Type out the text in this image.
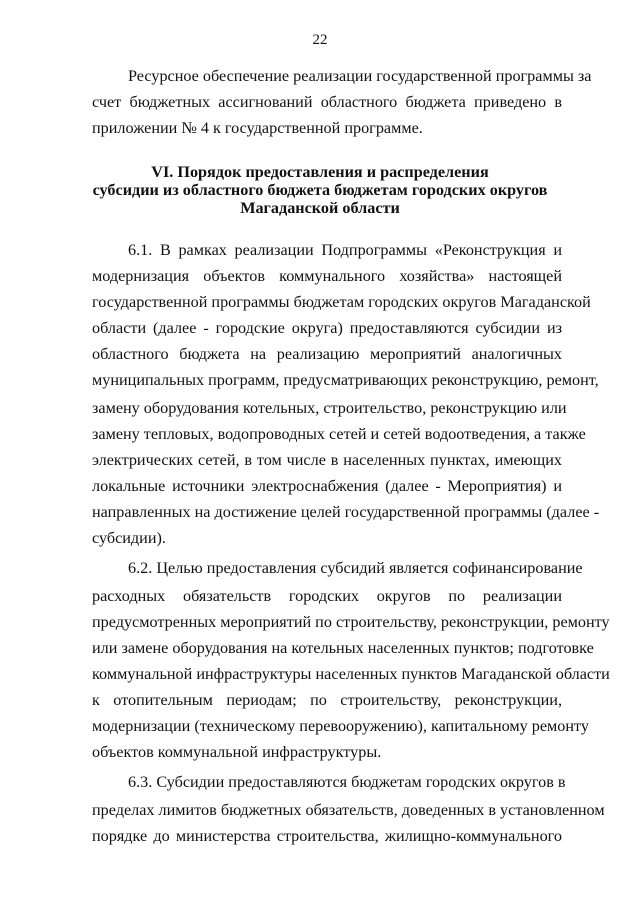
22
Ресурсное обеспечение реализации государственной программы за
счет бюджетных ассигнований областного бюджета приведено в
приложении № 4 к государственной программе.
VI. Порядок предоставления и распределения
субсидии из областного бюджета бюджетам городских округов
Магаданской области
6.1. В рамках реализации Подпрограммы «Реконструкция и
модернизация объектов коммунального хозяйства» настоящей
государственной программы бюджетам городских округов Магаданской
области (далее - городские округа) предоставляются субсидии из
областного бюджета на реализацию мероприятий аналогичных
муниципальных программ, предусматривающих реконструкцию, ремонт,
замену оборудования котельных, строительство, реконструкцию или
замену тепловых, водопроводных сетей и сетей водоотведения, а также
электрических сетей, в том числе в населенных пунктах, имеющих
локальные источники электроснабжения (далее - Мероприятия) и
направленных на достижение целей государственной программы (далее -
субсидии).
6.2. Целью предоставления субсидий является софинансирование
расходных обязательств городских округов по реализации
предусмотренных мероприятий по строительству, реконструкции, ремонту
или замене оборудования на котельных населенных пунктов; подготовке
коммунальной инфраструктуры населенных пунктов Магаданской области
к отопительным периодам; по строительству, реконструкции,
модернизации (техническому перевооружению), капитальному ремонту
объектов коммунальной инфраструктуры.
6.3. Субсидии предоставляются бюджетам городских округов в
пределах лимитов бюджетных обязательств, доведенных в установленном
порядке до министерства строительства, жилищно-коммунального
